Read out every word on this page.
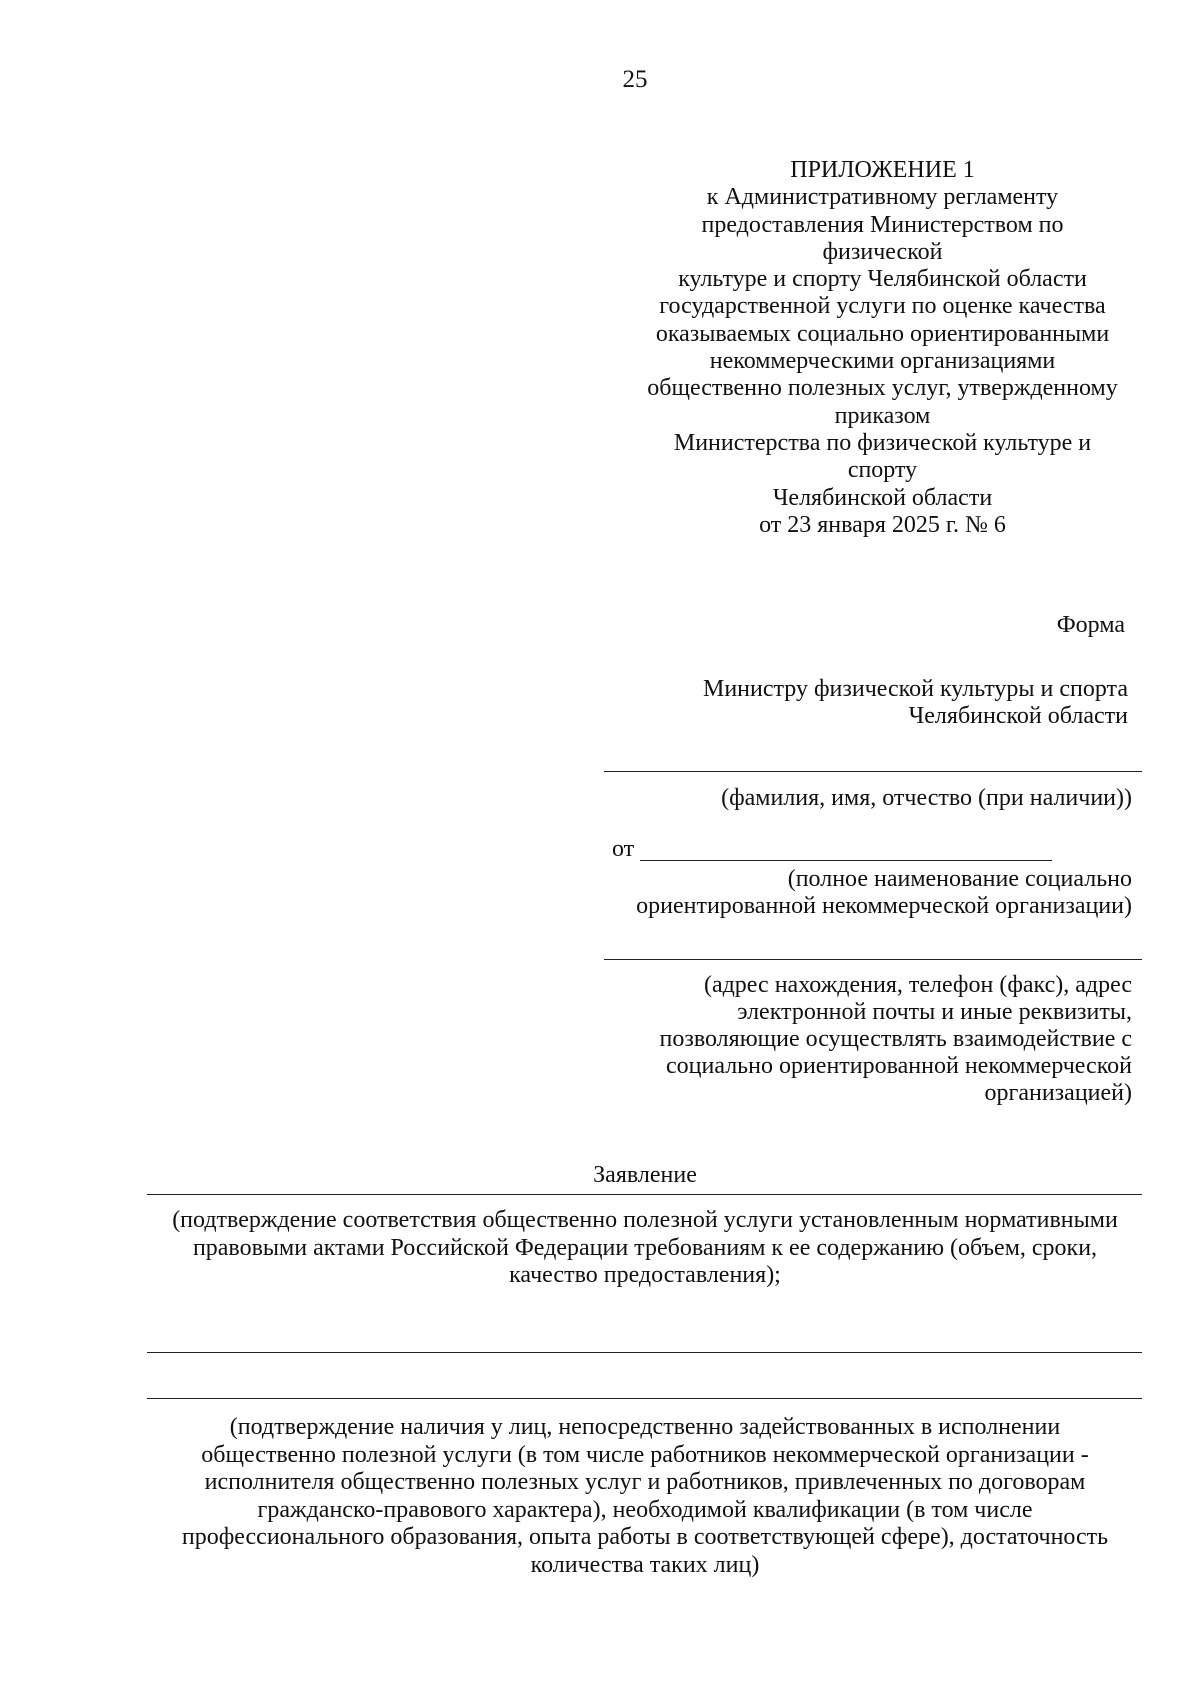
25
ПРИЛОЖЕНИЕ 1
к Административному регламенту
предоставления Министерством по
физической
культуре и спорту Челябинской области
государственной услуги по оценке качества
оказываемых социально ориентированными
некоммерческими организациями
общественно полезных услуг, утвержденному
приказом
Министерства по физической культуре и
спорту
Челябинской области
от 23 января 2025 г. № 6
Форма
Министру физической культуры и спорта
Челябинской области
(фамилия, имя, отчество (при наличии))
от
(полное наименование социально
ориентированной некоммерческой организации)
(адрес нахождения, телефон (факс), адрес
электронной почты и иные реквизиты,
позволяющие осуществлять взаимодействие с
социально ориентированной некоммерческой
организацией)
Заявление
(подтверждение соответствия общественно полезной услуги установленным нормативными
правовыми актами Российской Федерации требованиям к ее содержанию (объем, сроки,
качество предоставления);
(подтверждение наличия у лиц, непосредственно задействованных в исполнении
общественно полезной услуги (в том числе работников некоммерческой организации -
исполнителя общественно полезных услуг и работников, привлеченных по договорам
гражданско-правового характера), необходимой квалификации (в том числе
профессионального образования, опыта работы в соответствующей сфере), достаточность
количества таких лиц)
